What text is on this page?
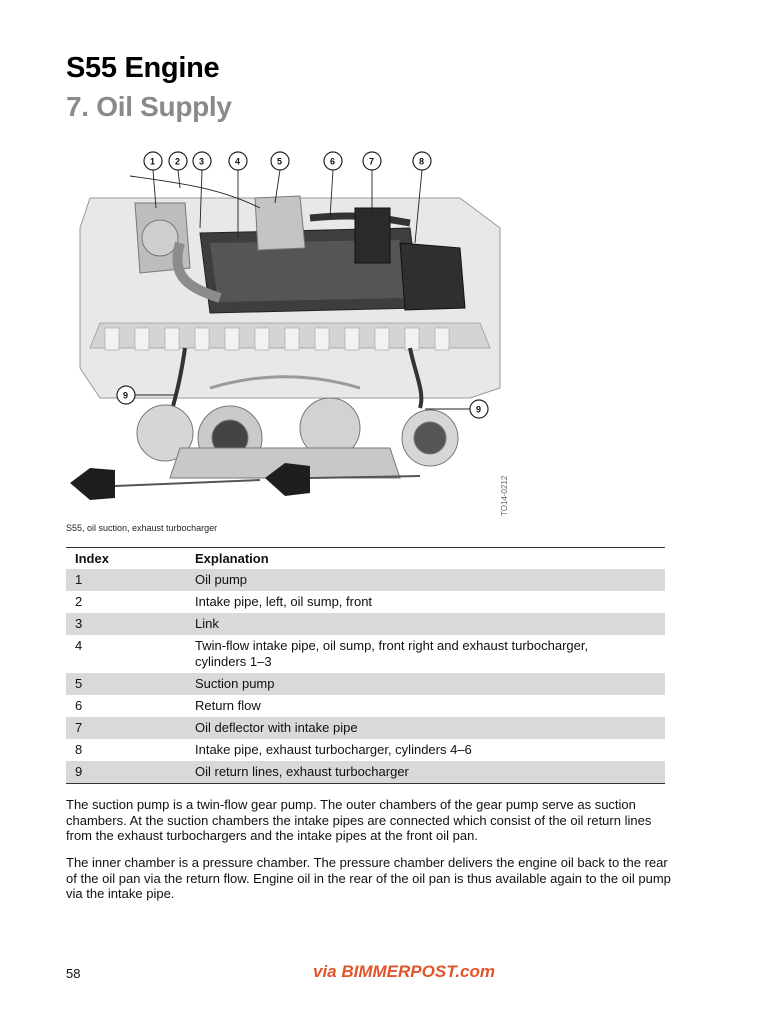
S55 Engine
7. Oil Supply
1 2 3	4	5	6	7	8
9
9
TO14-0212
S55, oil suction, exhaust turbocharger
Index	Explanation
1	Oil pump
2	Intake pipe, left, oil sump, front
3	Link
4	Twin-flow intake pipe, oil sump, front right and exhaust turbocharger, cylinders 1–3
5	Suction pump
6	Return flow
7	Oil deflector with intake pipe
8	Intake pipe, exhaust turbocharger, cylinders 4–6
9	Oil return lines, exhaust turbocharger

The suction pump is a twin-flow gear pump. The outer chambers of the gear pump serve as suction chambers. At the suction chambers the intake pipes are connected which consist of the oil return lines from the exhaust turbochargers and the intake pipes at the front oil pan.

The inner chamber is a pressure chamber. The pressure chamber delivers the engine oil back to the rear of the oil pan via the return flow. Engine oil in the rear of the oil pan is thus available again to the oil pump via the intake pipe.

58	via BIMMERPOST.com
